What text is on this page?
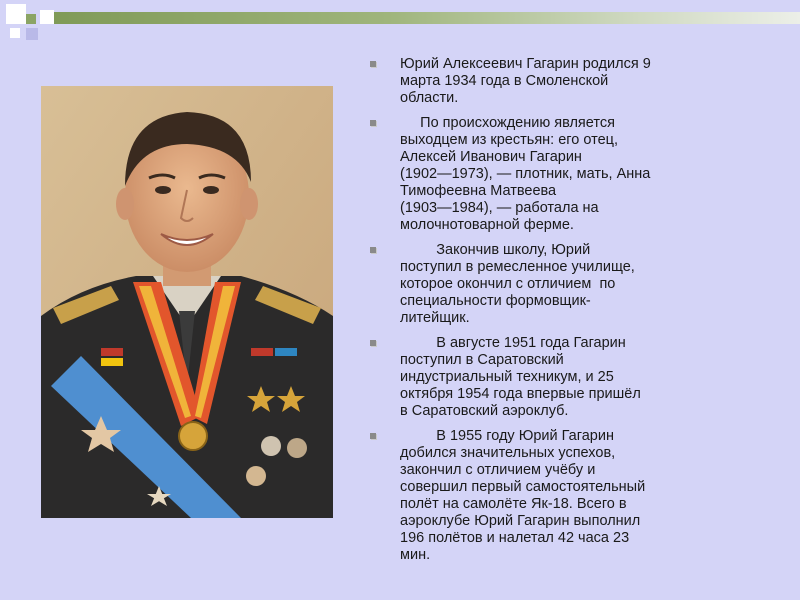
Юрий Алексеевич Гагарин родился 9
марта 1934 года в Смоленской
области.
По происхождению является
выходцем из крестьян: его отец,
Алексей Иванович Гагарин
(1902—1973), — плотник, мать, Анна
Тимофеевна Матвеева
(1903—1984), — работала на
молочнотоварной ферме.
Закончив школу, Юрий
поступил в ремесленное училище,
которое окончил с отличием  по
специальности формовщик-
литейщик.
В августе 1951 года Гагарин
поступил в Саратовский
индустриальный техникум, и 25
октября 1954 года впервые пришёл
в Саратовский аэроклуб.
В 1955 году Юрий Гагарин
добился значительных успехов,
закончил с отличием учёбу и
совершил первый самостоятельный
полёт на самолёте Як-18. Всего в
аэроклубе Юрий Гагарин выполнил
196 полётов и налетал 42 часа 23
мин.
